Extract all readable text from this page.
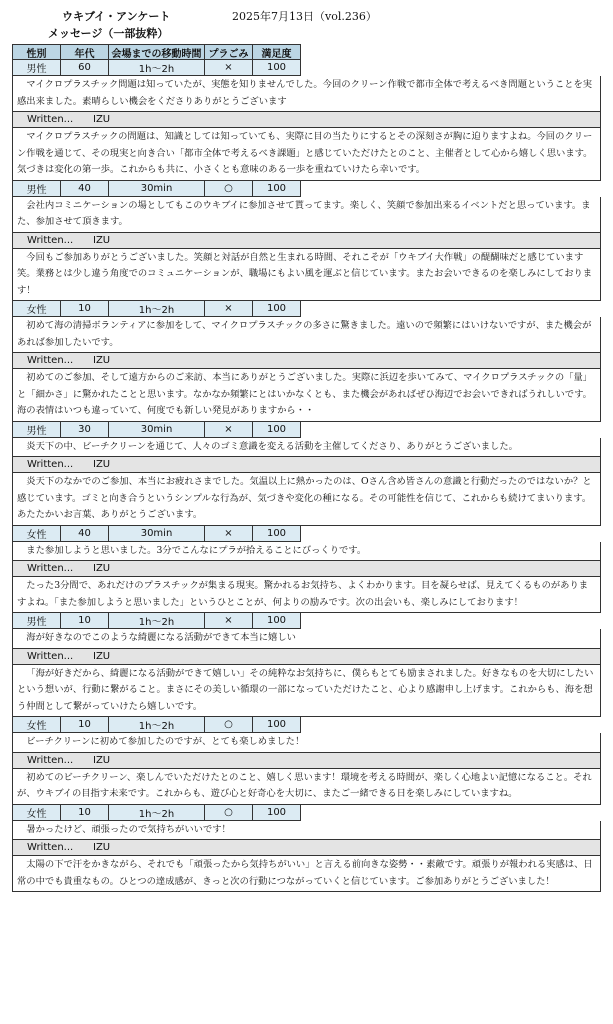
ウキブイ・アンケート	2025年7月13日（vol.236）
メッセージ（一部抜粋）
性別	年代	会場までの移動時間 プラごみ	満足度
男性	60	1h〜2h	×	100
マイクロプラスチック問題は知っていたが、実態を知りませんでした。今回のクリーン作戦で都市全体で考えるべき問題ということを実感出来ました。素晴らしい機会をくださりありがとうございます
Written...	IZU
マイクロプラスチックの問題は、知識としては知っていても、実際に目の当たりにするとその深刻さが胸に迫りますよね。今回のクリーン作戦を通じて、その現実と向き合い「都市全体で考えるべき課題」と感じていただけたとのこと、主催者として心から嬉しく思います。気づきは変化の第一歩。これからも共に、小さくとも意味のある一歩を重ねていけたら幸いです。
男性	40	30min	○	100
会社内コミニケーションの場としてもこのウキブイに参加させて貰ってます。楽しく、笑顔で参加出来るイベントだと思っています。また、参加させて頂きます。
Written...	IZU
今回もご参加ありがとうございました。笑顔と対話が自然と生まれる時間、それこそが「ウキブイ大作戦」の醍醐味だと感じています笑。業務とは少し違う角度でのコミュニケーションが、職場にもよい風を運ぶと信じています。またお会いできるのを楽しみにしております！
女性	10	1h〜2h	×	100
初めて海の清掃ボランティアに参加をして、マイクロプラスチックの多さに驚きました。遠いので頻繁にはいけないですが、また機会があれば参加したいです。
Written...	IZU
初めてのご参加、そして遠方からのご来訪、本当にありがとうございました。実際に浜辺を歩いてみて、マイクロプラスチックの「量」と「細かさ」に驚かれたことと思います。なかなか頻繁にとはいかなくとも、また機会があればぜひ海辺でお会いできればうれしいです。海の表情はいつも違っていて、何度でも新しい発見がありますから・・
男性	30	30min	×	100
炎天下の中、ビーチクリーンを通じて、人々のゴミ意識を変える活動を主催してくださり、ありがとうございました。
Written...	IZU
炎天下のなかでのご参加、本当にお疲れさまでした。気温以上に熱かったのは、Oさん含め皆さんの意識と行動だったのではないか？と感じています。ゴミと向き合うというシンプルな行為が、気づきや変化の種になる。その可能性を信じて、これからも続けてまいります。あたたかいお言葉、ありがとうございます。
女性	40	30min	×	100
また参加しようと思いました。3分でこんなにプラが拾えることにびっくりです。
Written...	IZU
たった3分間で、あれだけのプラスチックが集まる現実。驚かれるお気持ち、よくわかります。目を凝らせば、見えてくるものがありますよね。「また参加しようと思いました」というひとことが、何よりの励みです。次の出会いも、楽しみにしております！
男性	10	1h〜2h	×	100
海が好きなのでこのような綺麗になる活動ができて本当に嬉しい
Written...	IZU
「海が好きだから、綺麗になる活動ができて嬉しい」その純粋なお気持ちに、僕らもとても励まされました。好きなものを大切にしたいという想いが、行動に繋がること。まさにその美しい循環の一部になっていただけたこと、心より感謝申し上げます。これからも、海を想う仲間として繋がっていけたら嬉しいです。
女性	10	1h〜2h	○	100
ビーチクリーンに初めて参加したのですが、とても楽しめました！
Written...	IZU
初めてのビーチクリーン、楽しんでいただけたとのこと、嬉しく思います！環境を考える時間が、楽しく心地よい記憶になること。それが、ウキブイの目指す未来です。これからも、遊び心と好奇心を大切に、またご一緒できる日を楽しみにしていますね。
女性	10	1h〜2h	○	100
暑かったけど、頑張ったので気持ちがいいです！
Written...	IZU
太陽の下で汗をかきながら、それでも「頑張ったから気持ちがいい」と言える前向きな姿勢・・素敵です。頑張りが報われる実感は、日常の中でも貴重なもの。ひとつの達成感が、きっと次の行動につながっていくと信じています。ご参加ありがとうございました！
